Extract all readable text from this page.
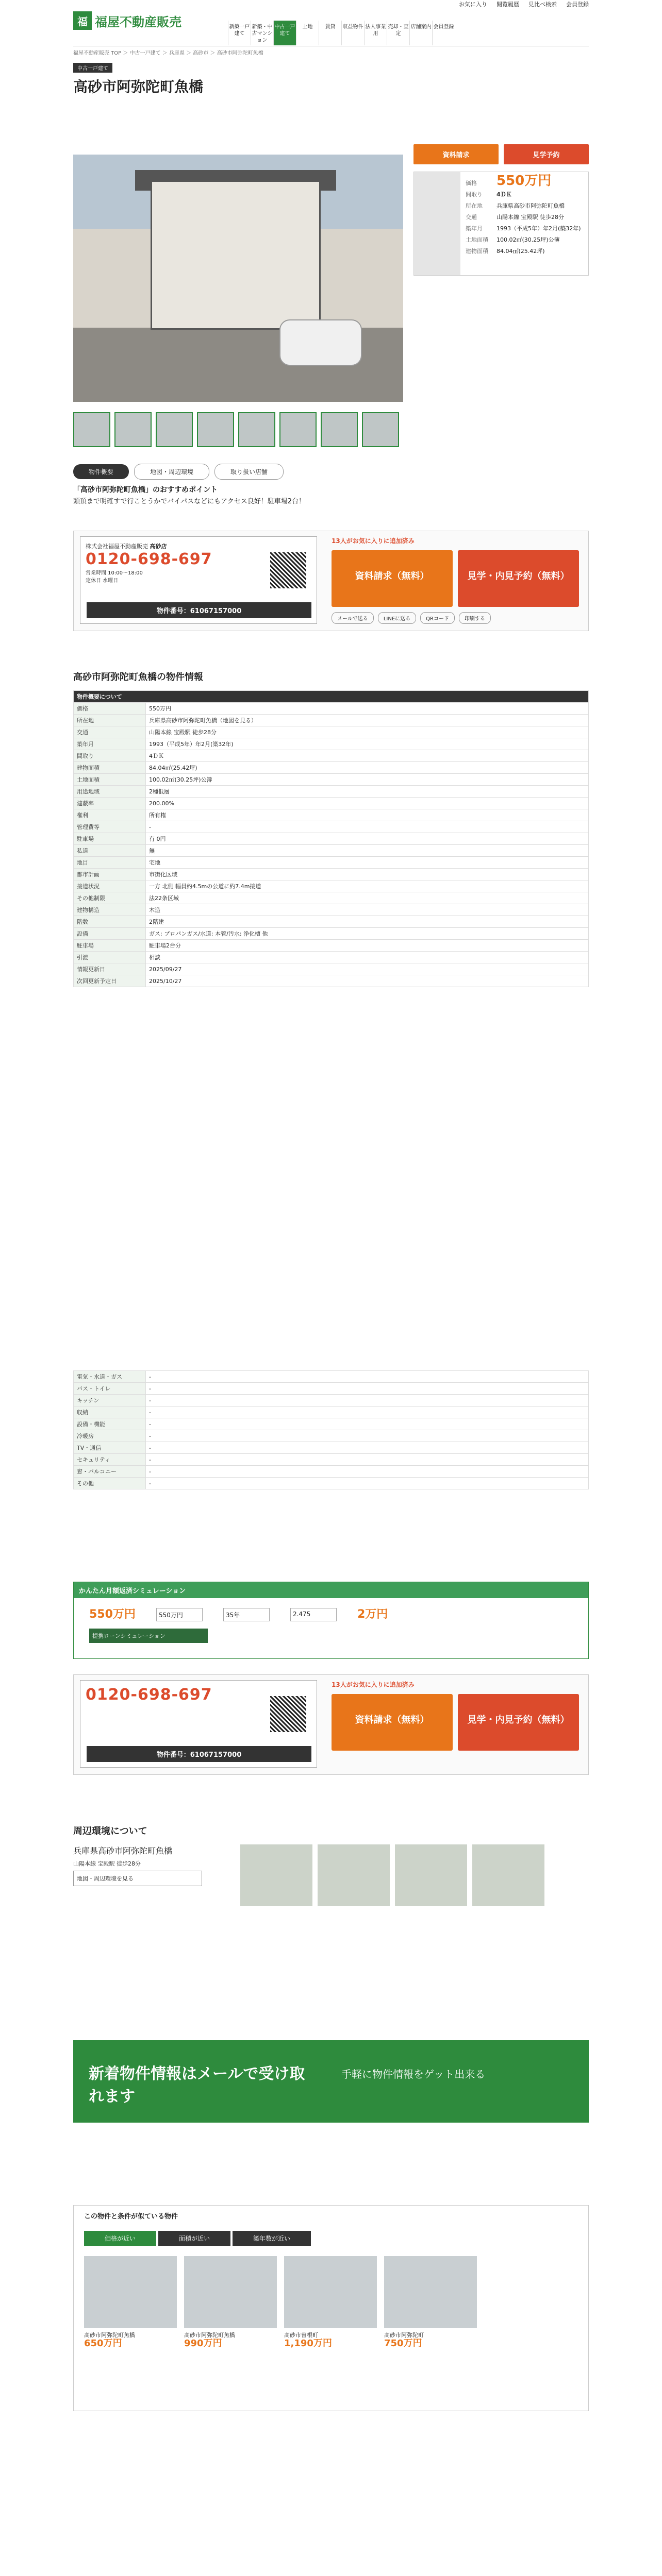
福 福屋不動産販売
お気に入り 閲覧履歴 見比べ検索 会員登録
新築一戸建て
新築・中古マンション
中古一戸建て
土地	賃貸	収益物件 法人事業用
売却・査定
店舗案内 会員登録
福屋不動産販売 TOP ＞ 中古一戸建て ＞ 兵庫県 ＞ 高砂市 ＞ 高砂市阿弥陀町魚橋
中古一戸建て
高砂市阿弥陀町魚橋
資料請求	見学予約
価格 550万円
間取り 4ＤＫ
所在地 兵庫県高砂市阿弥陀町魚橋
交通	山陽本線 宝殿駅 徒歩28分
築年月 1993（平成5年）年2月(築32年)
土地面積 100.02㎡(30.25坪)公簿
建物面積 84.04㎡(25.42坪)
物件概要	地図・周辺環境	取り扱い店舗
「高砂市阿弥陀町魚橋」のおすすめポイント
頭頂まで明確すで行ことうかでバイパスなどにもアクセス良好！駐車場2台！
株式会社福屋不動産販売 高砂店
0120-698-697
営業時間 10:00〜18:00
定休日 水曜日
物件番号：61067157000
13人がお気に入りに追加済み
資料請求（無料）	見学・内見予約（無料）
メールで送る	LINEに送る	QRコード	印刷する
高砂市阿弥陀町魚橋の物件情報
物件概要について	
価格	550万円
所在地	兵庫県高砂市阿弥陀町魚橋（地図を見る）
交通	山陽本線 宝殿駅 徒歩28分
築年月	1993（平成5年）年2月(築32年)
間取り	4ＤＫ
建物面積	84.04㎡(25.42坪)
土地面積	100.02㎡(30.25坪)公簿
用途地域	2種低層
建蔽率	200.00%
権利	所有権
管理費等	-
駐車場	有 0円
私道	無
地目	宅地
都市計画	市街化区域
接道状況	一方 北側 幅員約4.5mの公道に約7.4m接道
その他制限	法22条区域
建物構造	木造
階数	2階建
設備	ガス: プロパンガス/水道: 本管/汚水: 浄化槽 他
駐車場	駐車場2台分
引渡	相談
情報更新日	2025/09/27
次回更新予定日	2025/10/27
電気・水道・ガス	-
バス・トイレ	-
キッチン	-
収納	-
設備・機能	-
冷暖房	-
TV・通信	-
セキュリティ	-
窓・バルコニー	-
その他	-
かんたん月額返済シミュレーション
550万円	550万円	35年	2.475	2万円
提携ローンシミュレーション
0120-698-697
物件番号：61067157000
13人がお気に入りに追加済み
資料請求（無料）	見学・内見予約（無料）
周辺環境について
兵庫県高砂市阿弥陀町魚橋
山陽本線 宝殿駅 徒歩28分
地図・周辺環境を見る

新着物件情報はメールで受け取れます
手軽に物件情報をゲット出来る
この物件と条件が似ている物件
価格が近い	面積が近い	築年数が近い
高砂市阿弥陀町魚橋
650万円
高砂市阿弥陀町魚橋
990万円
高砂市曽根町
1,190万円
高砂市阿弥陀町
750万円
